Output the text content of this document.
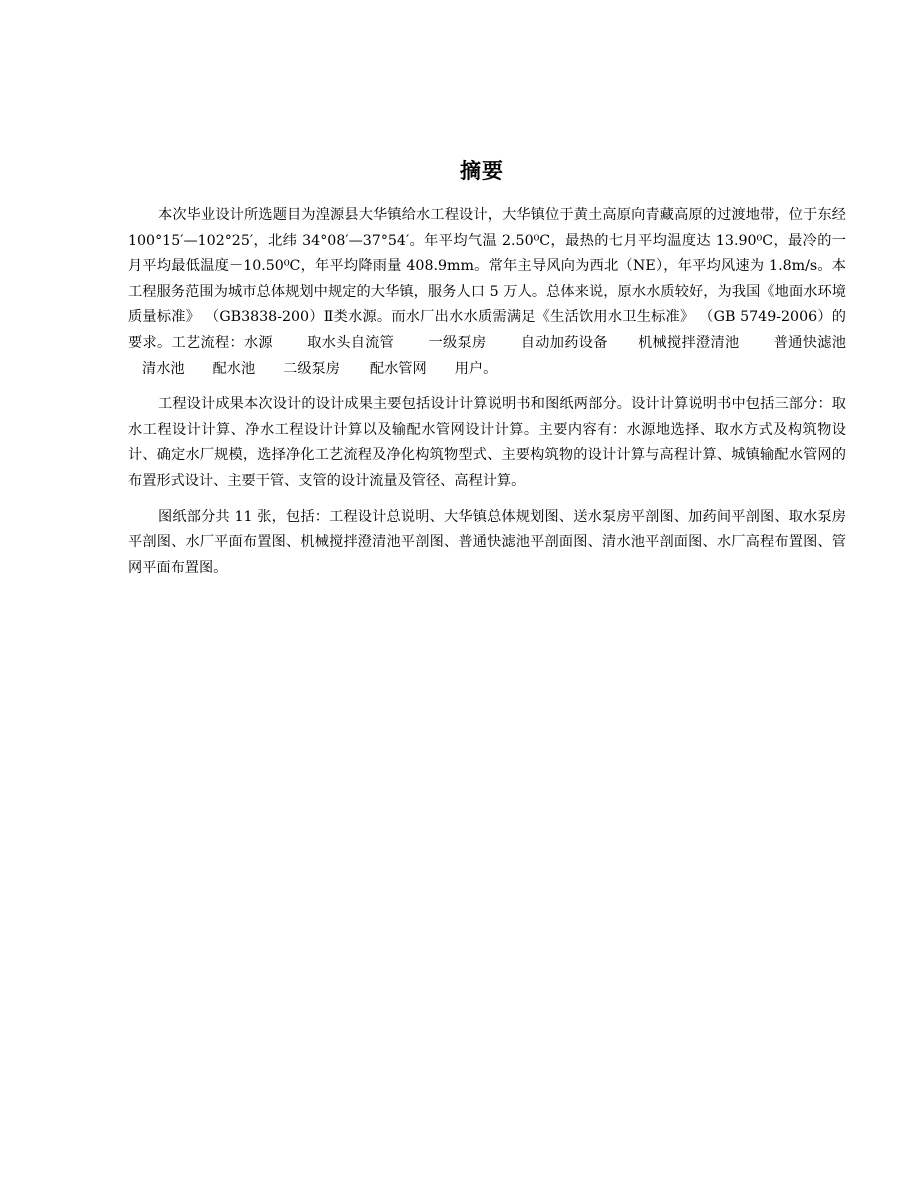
摘要

本次毕业设计所选题目为湟源县大华镇给水工程设计，大华镇位于黄土高原向青藏高原的过渡地带，位于东经 100°15′—102°25′，北纬 34°08′—37°54′。年平均气温 2.50⁰C，最热的七月平均温度达 13.90⁰C，最冷的一月平均最低温度－10.50⁰C，年平均降雨量 408.9mm。常年主导风向为西北（NE），年平均风速为 1.8m/s。本工程服务范围为城市总体规划中规定的大华镇，服务人口 5 万人。总体来说，原水水质较好，为我国《地面水环境质量标准》 （GB3838-200）Ⅱ类水源。而水厂出水水质需满足《生活饮用水卫生标准》 （GB 5749-2006）的要求。工艺流程：水源 取水头自流管 一级泵房 自动加药设备 机械搅拌澄清池 普通快滤池清水池 配水池 二级泵房 配水管网 用户。

工程设计成果本次设计的设计成果主要包括设计计算说明书和图纸两部分。设计计算说明书中包括三部分：取水工程设计计算、净水工程设计计算以及输配水管网设计计算。主要内容有：水源地选择、取水方式及构筑物设计、确定水厂规模，选择净化工艺流程及净化构筑物型式、主要构筑物的设计计算与高程计算、城镇输配水管网的布置形式设计、主要干管、支管的设计流量及管径、高程计算。

图纸部分共 11 张，包括：工程设计总说明、大华镇总体规划图、送水泵房平剖图、加药间平剖图、取水泵房平剖图、水厂平面布置图、机械搅拌澄清池平剖图、普通快滤池平剖面图、清水池平剖面图、水厂高程布置图、管网平面布置图。
